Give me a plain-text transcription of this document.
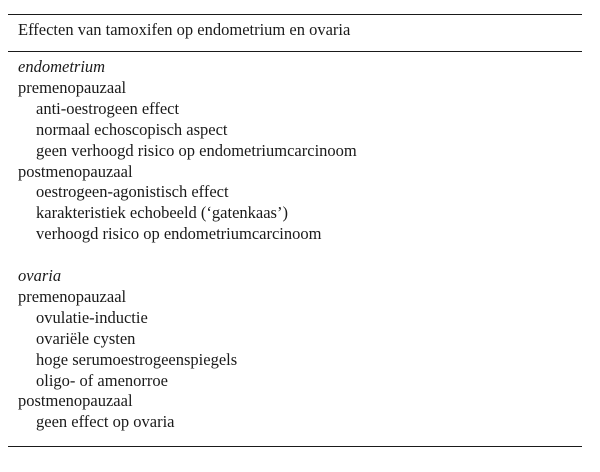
Effecten van tamoxifen op endometrium en ovaria
endometrium
premenopauzaal
anti-oestrogeen effect
normaal echoscopisch aspect
geen verhoogd risico op endometriumcarcinoom
postmenopauzaal
oestrogeen-agonistisch effect
karakteristiek echobeeld (‘gatenkaas’)
verhoogd risico op endometriumcarcinoom
ovaria
premenopauzaal
ovulatie-inductie
ovariële cysten
hoge serumoestrogeenspiegels
oligo- of amenorroe
postmenopauzaal
geen effect op ovaria
